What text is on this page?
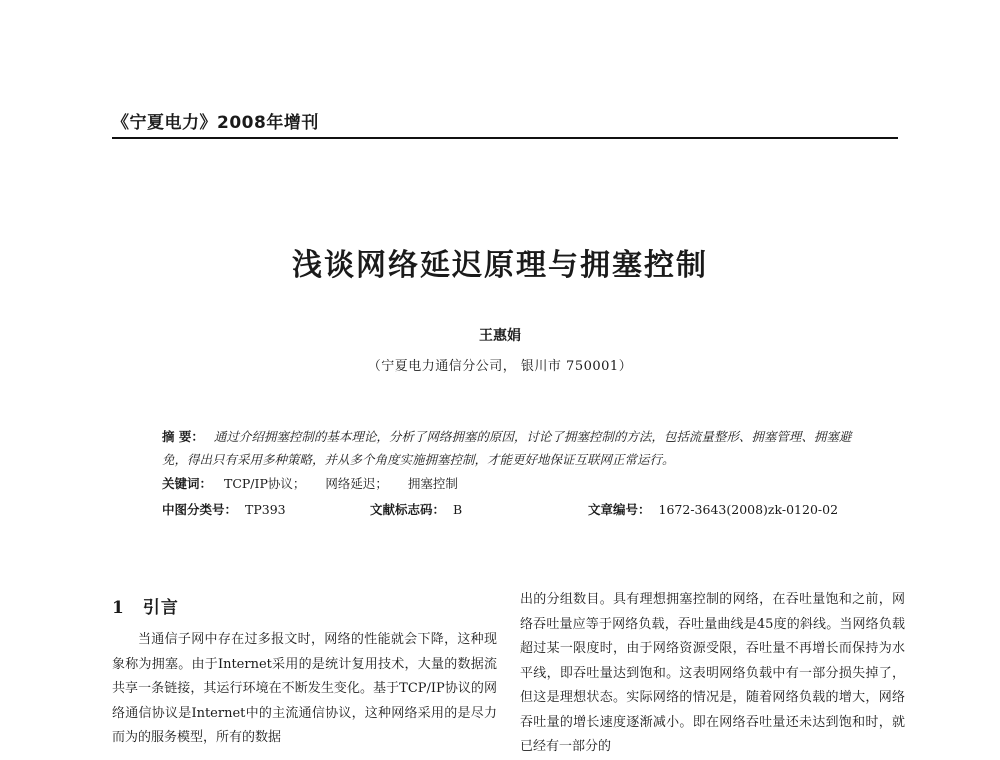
《宁夏电力》2008年增刊
浅谈网络延迟原理与拥塞控制
王惠娟
（宁夏电力通信分公司， 银川市 750001）
摘 要： 通过介绍拥塞控制的基本理论，分析了网络拥塞的原因，讨论了拥塞控制的方法，包括流量整形、拥塞管理、拥塞避免，得出只有采用多种策略，并从多个角度实施拥塞控制，才能更好地保证互联网正常运行。
关键词： TCP/IP协议； 网络延迟； 拥塞控制
中图分类号： TP393	文献标志码： B	文章编号： 1672-3643(2008)zk-0120-02
1 引言

当通信子网中存在过多报文时，网络的性能就会下降，这种现象称为拥塞。由于Internet采用的是统计复用技术，大量的数据流共享一条链接，其运行环境在不断发生变化。基于TCP/IP协议的网络通信协议是Internet中的主流通信协议，这种网络采用的是尽力而为的服务模型，所有的数据

出的分组数目。具有理想拥塞控制的网络，在吞吐量饱和之前，网络吞吐量应等于网络负载，吞吐量曲线是45度的斜线。当网络负载超过某一限度时，由于网络资源受限，吞吐量不再增长而保持为水平线，即吞吐量达到饱和。这表明网络负载中有一部分损失掉了，但这是理想状态。实际网络的情况是，随着网络负载的增大，网络吞吐量的增长速度逐渐减小。即在网络吞吐量还未达到饱和时，就已经有一部分的
